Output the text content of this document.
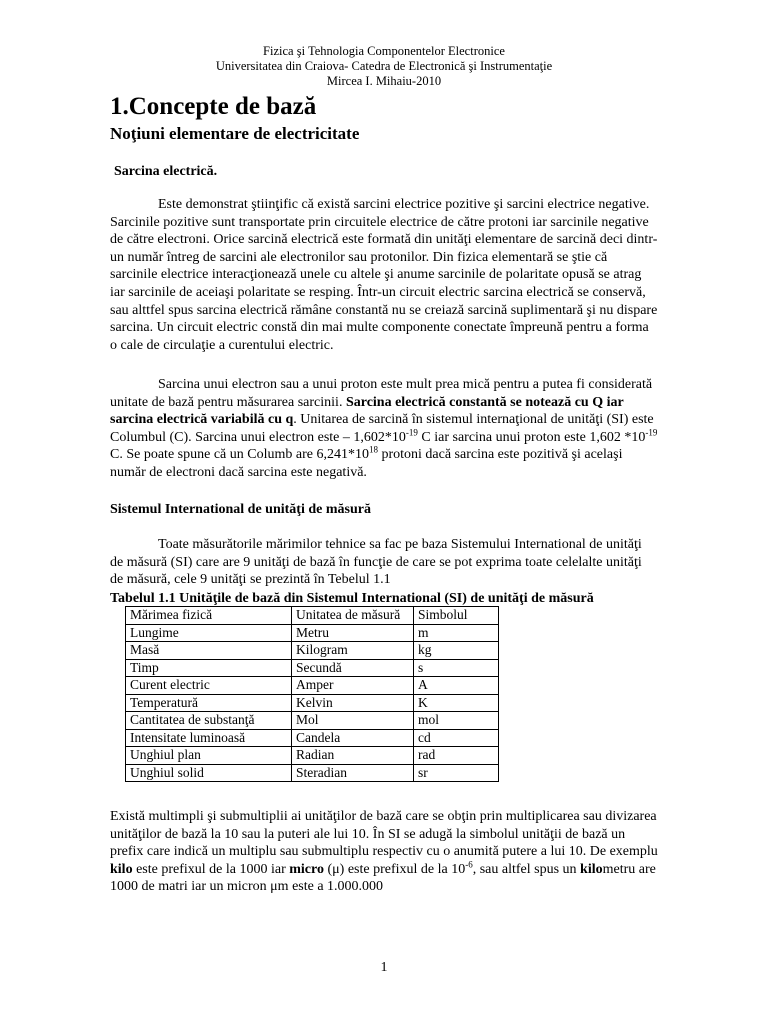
Fizica şi Tehnologia Componentelor Electronice
Universitatea din Craiova- Catedra de Electronică şi Instrumentaţie
Mircea I. Mihaiu-2010
1.Concepte de bază
Noţiuni elementare de electricitate
Sarcina electrică.

Este demonstrat ştiinţific că există sarcini electrice pozitive şi sarcini electrice negative. Sarcinile pozitive sunt transportate prin circuitele electrice de către protoni iar sarcinile negative de către electroni. Orice sarcină electrică este formată din unităţi elementare de sarcină deci dintr-un număr întreg de sarcini ale electronilor sau protonilor. Din fizica elementară se ştie că sarcinile electrice interacţionează unele cu altele şi anume sarcinile de polaritate opusă se atrag iar sarcinile de aceiaşi polaritate se resping. Într-un circuit electric sarcina electrică se conservă, sau alttfel spus sarcina electrică rămâne constantă nu se creiază sarcină suplimentară şi nu dispare sarcina. Un circuit electric constă din mai multe componente conectate împreună pentru a forma o cale de circulaţie a curentului electric.

Sarcina unui electron sau a unui proton este mult prea mică pentru a putea fi considerată unitate de bază pentru măsurarea sarcinii. Sarcina electrică constantă se notează cu Q iar sarcina electrică variabilă cu q. Unitarea de sarcină în sistemul internaţional de unităţi (SI) este Columbul (C). Sarcina unui electron este – $1,602*10^{-19}$ C iar sarcina unui proton este 1,602 $*10^{-19}$ C. Se poate spune că un Columb are $6,241*10^{18}$ protoni dacă sarcina este pozitivă şi acelaşi număr de electroni dacă sarcina este negativă.

Sistemul International de unităţi de măsură

Toate măsurătorile mărimilor tehnice sa fac pe baza Sistemului International de unităţi de măsură (SI) care are 9 unităţi de bază în funcţie de care se pot exprima toate celelalte unităţi de măsură, cele 9 unităţi se prezintă în Tebelul 1.1

Tabelul 1.1 Unităţile de bază din Sistemul International (SI) de unităţi de măsură
Mărimea fizică	Unitatea de măsură	Simbolul
Lungime	Metru	m
Masă	Kilogram	kg
Timp	Secundă	s
Curent electric	Amper	A
Temperatură	Kelvin	K
Cantitatea de substanţă	Mol	mol
Intensitate luminoasă	Candela	cd
Unghiul plan	Radian	rad
Unghiul solid	Steradian	sr

Există multimpli şi submultiplii ai unităţilor de bază care se obţin prin multiplicarea sau divizarea unităţilor de bază la 10 sau la puteri ale lui 10. În SI se adugă la simbolul unităţii de bază un prefix care indică un multiplu sau submultiplu respectiv cu o anumită putere a lui 10. De exemplu kilo este prefixul de la 1000 iar micro (μ) este prefixul de la $10^{-6}$, sau altfel spus un kilometru are 1000 de matri iar un micron μm este a 1.000.000

1
